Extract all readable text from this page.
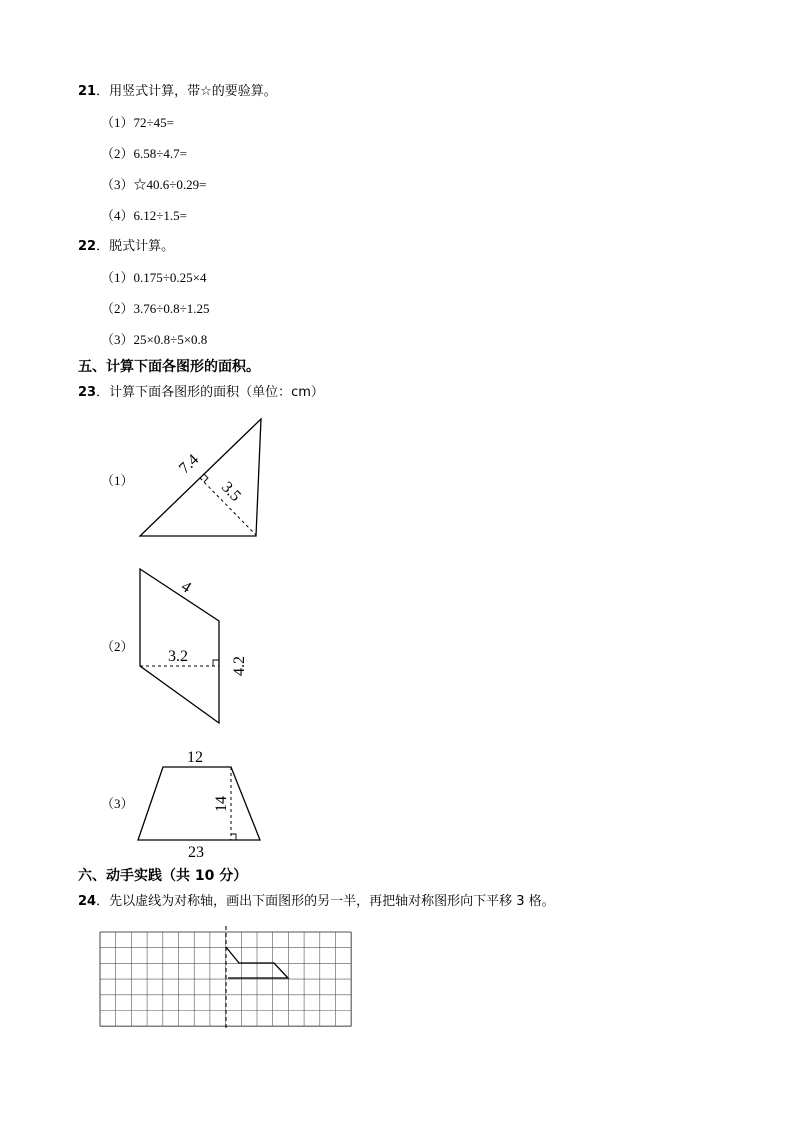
21．用竖式计算，带☆的要验算。
（1）72÷45=
（2）6.58÷4.7=
（3）☆40.6÷0.29=
（4）6.12÷1.5=
22．脱式计算。
（1）0.175÷0.25×4
（2）3.76÷0.8÷1.25
（3）25×0.8÷5×0.8
五、计算下面各图形的面积。
23．计算下面各图形的面积（单位：cm）
（1）
7.4
3.5
4
3.2	4.2
12
23
14
（2）
（3）
六、动手实践（共 10 分）
24．先以虚线为对称轴，画出下面图形的另一半，再把轴对称图形向下平移 3 格。
